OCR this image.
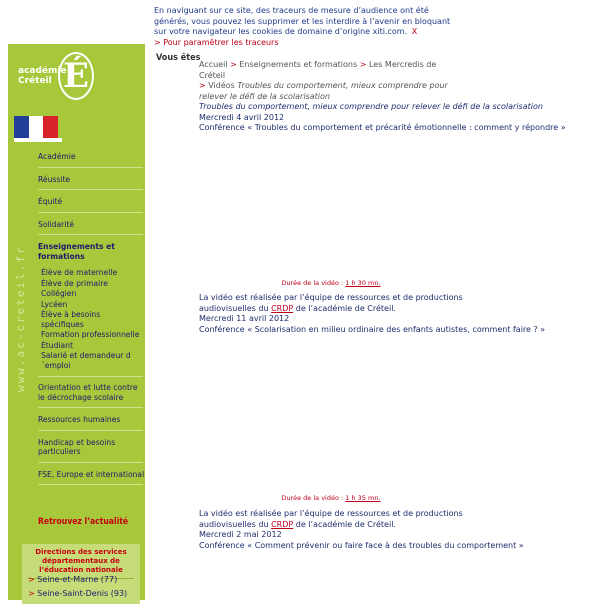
En naviguant sur ce site, des traceurs de mesure d’audience ont été générés, vous pouvez les supprimer et les interdire à l’avenir en bloquant sur votre navigateur les cookies de domaine d’origine xiti.com. X
> Pour paramêtrer les traceurs
académie
Créteil É
www.ac-creteil.fr
Académie
Réussite
Équité
Solidarité
Enseignements et formations
Élève de maternelle
Élève de primaire
Collégien
Lycéen
Élève à besoins spécifiques
Formation professionnelle
Étudiant
Salarié et demandeur d´emploi
Orientation et lutte contre le décrochage scolaire
Ressources humaines
Handicap et besoins particuliers
FSE, Europe et international
Retrouvez l’actualité
Directions des services départementaux de l’éducation nationale
> Seine-et-Marne (77)
> Seine-Saint-Denis (93)
Vous êtes
Accueil > Enseignements et formations > Les Mercredis de Créteil
> Vidéos Troubles du comportement, mieux comprendre pour relever le défi de la scolarisation
Troubles du comportement, mieux comprendre pour relever le défi de la scolarisation
Mercredi 4 avril 2012
Conférence « Troubles du comportement et précarité émotionnelle : comment y répondre »
Durée de la vidéo : 1 h 30 mn.
La vidéo est réalisée par l’équipe de ressources et de productions audiovisuelles du CRDP de l’académie de Créteil.
Mercredi 11 avril 2012
Conférence « Scolarisation en milieu ordinaire des enfants autistes, comment faire ? »
Durée de la vidéo : 1 h 35 mn.
La vidéo est réalisée par l’équipe de ressources et de productions audiovisuelles du CRDP de l’académie de Créteil.
Mercredi 2 mai 2012
Conférence « Comment prévenir ou faire face à des troubles du comportement »
